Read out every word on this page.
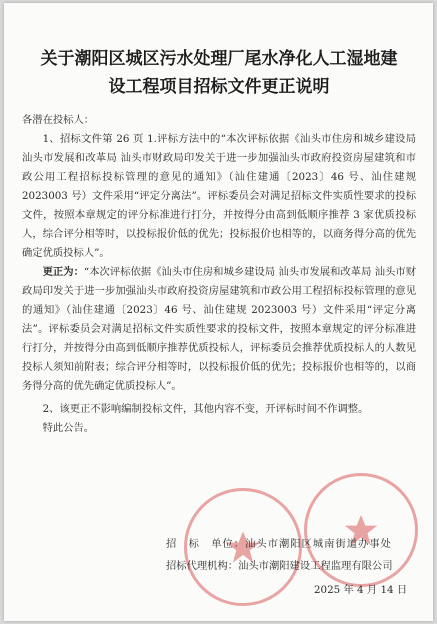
关于潮阳区城区污水处理厂尾水净化人工湿地建
设工程项目招标文件更正说明

各潜在投标人：

1、招标文件第 26 页 1.评标方法中的“本次评标依据《汕头市住房和城乡建设局 汕头市发展和改革局 汕头市财政局印发关于进一步加强汕头市政府投资房屋建筑和市政公用工程招标投标管理的意见的通知》（汕住建通〔2023〕46 号、汕住建规 2023003 号）文件采用“评定分离法”。评标委员会对满足招标文件实质性要求的投标文件，按照本章规定的评分标准进行打分，并按得分由高到低顺序推荐 3 家优质投标人，综合评分相等时，以投标报价低的优先；投标报价也相等的，以商务得分高的优先确定优质投标人”。

更正为：“本次评标依据《汕头市住房和城乡建设局 汕头市发展和改革局 汕头市财政局印发关于进一步加强汕头市政府投资房屋建筑和市政公用工程招标投标管理的意见的通知》（汕住建通〔2023〕46 号、汕住建规 2023003 号）文件采用“评定分离法”。评标委员会对满足招标文件实质性要求的投标文件，按照本章规定的评分标准进行打分，并按得分由高到低顺序推荐优质投标人，评标委员会推荐优质投标人的人数见投标人须知前附表；综合评分相等时，以投标报价低的优先；投标报价也相等的，以商务得分高的优先确定优质投标人”。

2、该更正不影响编制投标文件，其他内容不变，开评标时间不作调整。

特此公告。

招　标　单位：汕头市潮阳区城南街道办事处
招标代理机构：汕头市潮阳建设工程监理有限公司
2025 年 4 月 14 日
